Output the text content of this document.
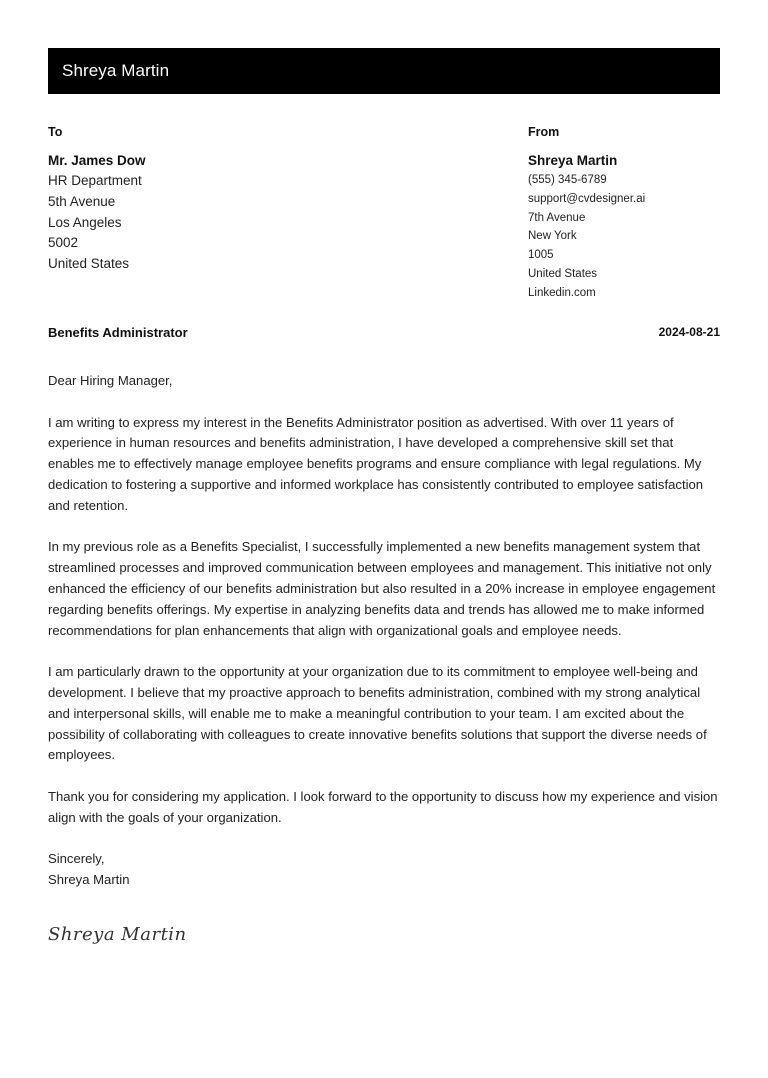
Shreya Martin
To
Mr. James Dow
HR Department
5th Avenue
Los Angeles
5002
United States
From
Shreya Martin
(555) 345-6789
support@cvdesigner.ai
7th Avenue
New York
1005
United States
Linkedin.com
Benefits Administrator	2024-08-21

Dear Hiring Manager,

I am writing to express my interest in the Benefits Administrator position as advertised. With over 11 years of experience in human resources and benefits administration, I have developed a comprehensive skill set that enables me to effectively manage employee benefits programs and ensure compliance with legal regulations. My dedication to fostering a supportive and informed workplace has consistently contributed to employee satisfaction and retention.

In my previous role as a Benefits Specialist, I successfully implemented a new benefits management system that streamlined processes and improved communication between employees and management. This initiative not only enhanced the efficiency of our benefits administration but also resulted in a 20% increase in employee engagement regarding benefits offerings. My expertise in analyzing benefits data and trends has allowed me to make informed recommendations for plan enhancements that align with organizational goals and employee needs.

I am particularly drawn to the opportunity at your organization due to its commitment to employee well-being and development. I believe that my proactive approach to benefits administration, combined with my strong analytical and interpersonal skills, will enable me to make a meaningful contribution to your team. I am excited about the possibility of collaborating with colleagues to create innovative benefits solutions that support the diverse needs of employees.

Thank you for considering my application. I look forward to the opportunity to discuss how my experience and vision align with the goals of your organization.

Sincerely,
Shreya Martin
Shreya Martin
